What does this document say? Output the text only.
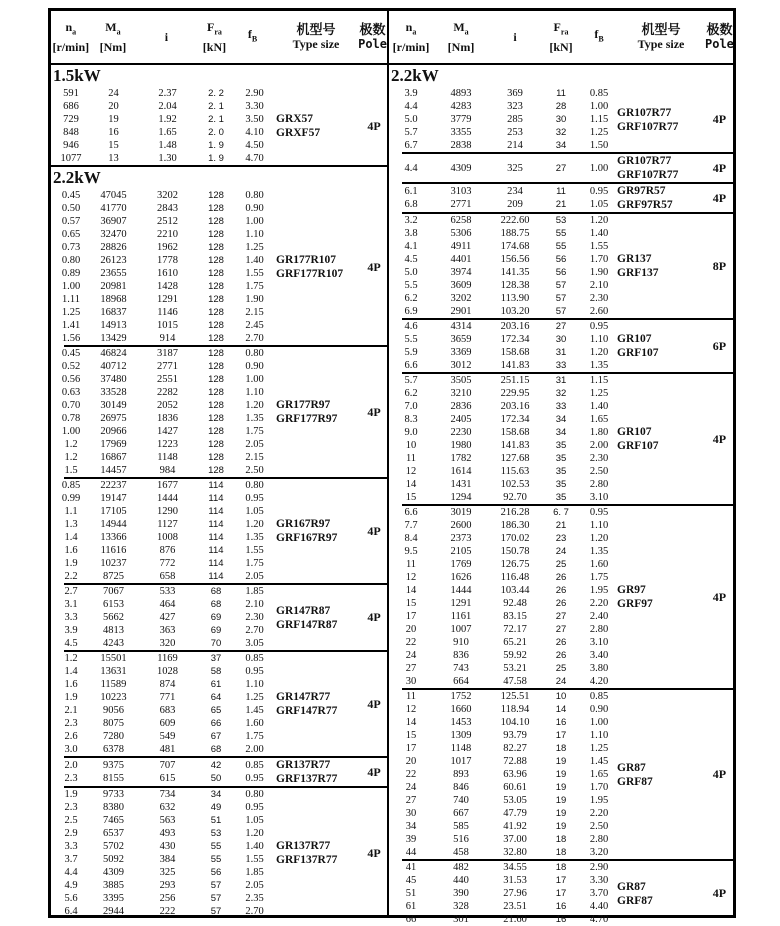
$n_a$
[r/min]
$M_a$
[Nm]
i
$F_{ra}$
[kN]
$f_B$
机型号
Type size
极数
Pole
1.5kW
591	24	2.37	2. 2	2.90
686	20	2.04	2. 1	3.30
729	19	1.92	2. 1	3.50
848	16	1.65	2. 0	4.10
946	15	1.48	1. 9	4.50
1077	13	1.30	1. 9	4.70
GRX57
GRXF57
4P
2.2kW
0.45	47045	3202	128	0.80
0.50	41770	2843	128	0.90
0.57	36907	2512	128	1.00
0.65	32470	2210	128	1.10
0.73	28826	1962	128	1.25
0.80	26123	1778	128	1.40
0.89	23655	1610	128	1.55
1.00	20981	1428	128	1.75
1.11	18968	1291	128	1.90
1.25	16837	1146	128	2.15
1.41	14913	1015	128	2.45
1.56	13429	914	128	2.70
GR177R107
GRF177R107
4P
0.45	46824	3187	128	0.80
0.52	40712	2771	128	0.90
0.56	37480	2551	128	1.00
0.63	33528	2282	128	1.10
0.70	30149	2052	128	1.20
0.78	26975	1836	128	1.35
1.00	20966	1427	128	1.75
1.2	17969	1223	128	2.05
1.2	16867	1148	128	2.15
1.5	14457	984	128	2.50
GR177R97
GRF177R97
4P
0.85	22237	1677	114	0.80
0.99	19147	1444	114	0.95
1.1	17105	1290	114	1.05
1.3	14944	1127	114	1.20
1.4	13366	1008	114	1.35
1.6	11616	876	114	1.55
1.9	10237	772	114	1.75
2.2	8725	658	114	2.05
GR167R97
GRF167R97
4P
2.7	7067	533	68	1.85
3.1	6153	464	68	2.10
3.3	5662	427	69	2.30
3.9	4813	363	69	2.70
4.5	4243	320	70	3.05
GR147R87
GRF147R87
4P
1.2	15501	1169	37	0.85
1.4	13631	1028	58	0.95
1.6	11589	874	61	1.10
1.9	10223	771	64	1.25
2.1	9056	683	65	1.45
2.3	8075	609	66	1.60
2.6	7280	549	67	1.75
3.0	6378	481	68	2.00
GR147R77
GRF147R77
4P
2.0	9375	707	42	0.85
2.3	8155	615	50	0.95
GR137R77
GRF137R77
4P
1.9	9733	734	34	0.80
2.3	8380	632	49	0.95
2.5	7465	563	51	1.05
2.9	6537	493	53	1.20
3.3	5702	430	55	1.40
3.7	5092	384	55	1.55
4.4	4309	325	56	1.85
4.9	3885	293	57	2.05
5.6	3395	256	57	2.35
6.4	2944	222	57	2.70
GR137R77
GRF137R77
4P
$n_a$
[r/min]
$M_a$
[Nm]
i
$F_{ra}$
[kN]
$f_B$
机型号
Type size
极数
Pole
2.2kW
3.9	4893	369	11	0.85
4.4	4283	323	28	1.00
5.0	3779	285	30	1.15
5.7	3355	253	32	1.25
6.7	2838	214	34	1.50
GR107R77
GRF107R77
4P
4.4	4309	325	27	1.00
GR107R77
GRF107R77
4P
6.1	3103	234	11	0.95
6.8	2771	209	21	1.05
GR97R57
GRF97R57
4P
3.2	6258	222.60	53	1.20
3.8	5306	188.75	55	1.40
4.1	4911	174.68	55	1.55
4.5	4401	156.56	56	1.70
5.0	3974	141.35	56	1.90
5.5	3609	128.38	57	2.10
6.2	3202	113.90	57	2.30
6.9	2901	103.20	57	2.60
GR137
GRF137
8P
4.6	4314	203.16	27	0.95
5.5	3659	172.34	30	1.10
5.9	3369	158.68	31	1.20
6.6	3012	141.83	33	1.35
GR107
GRF107
6P
5.7	3505	251.15	31	1.15
6.2	3210	229.95	32	1.25
7.0	2836	203.16	33	1.40
8.3	2405	172.34	34	1.65
9.0	2230	158.68	34	1.80
10	1980	141.83	35	2.00
11	1782	127.68	35	2.30
12	1614	115.63	35	2.50
14	1431	102.53	35	2.80
15	1294	92.70	35	3.10
GR107
GRF107
4P
6.6	3019	216.28	6. 7	0.95
7.7	2600	186.30	21	1.10
8.4	2373	170.02	23	1.20
9.5	2105	150.78	24	1.35
11	1769	126.75	25	1.60
12	1626	116.48	26	1.75
14	1444	103.44	26	1.95
15	1291	92.48	26	2.20
17	1161	83.15	27	2.40
20	1007	72.17	27	2.80
22	910	65.21	26	3.10
24	836	59.92	26	3.40
27	743	53.21	25	3.80
30	664	47.58	24	4.20
GR97
GRF97
4P
11	1752	125.51	10	0.85
12	1660	118.94	14	0.90
14	1453	104.10	16	1.00
15	1309	93.79	17	1.10
17	1148	82.27	18	1.25
20	1017	72.88	19	1.45
22	893	63.96	19	1.65
24	846	60.61	19	1.70
27	740	53.05	19	1.95
30	667	47.79	19	2.20
34	585	41.92	19	2.50
39	516	37.00	18	2.80
44	458	32.80	18	3.20
GR87
GRF87
4P
41	482	34.55	18	2.90
45	440	31.53	17	3.30
51	390	27.96	17	3.70
61	328	23.51	16	4.40
66	301	21.60	16	4.70
GR87
GRF87
4P
